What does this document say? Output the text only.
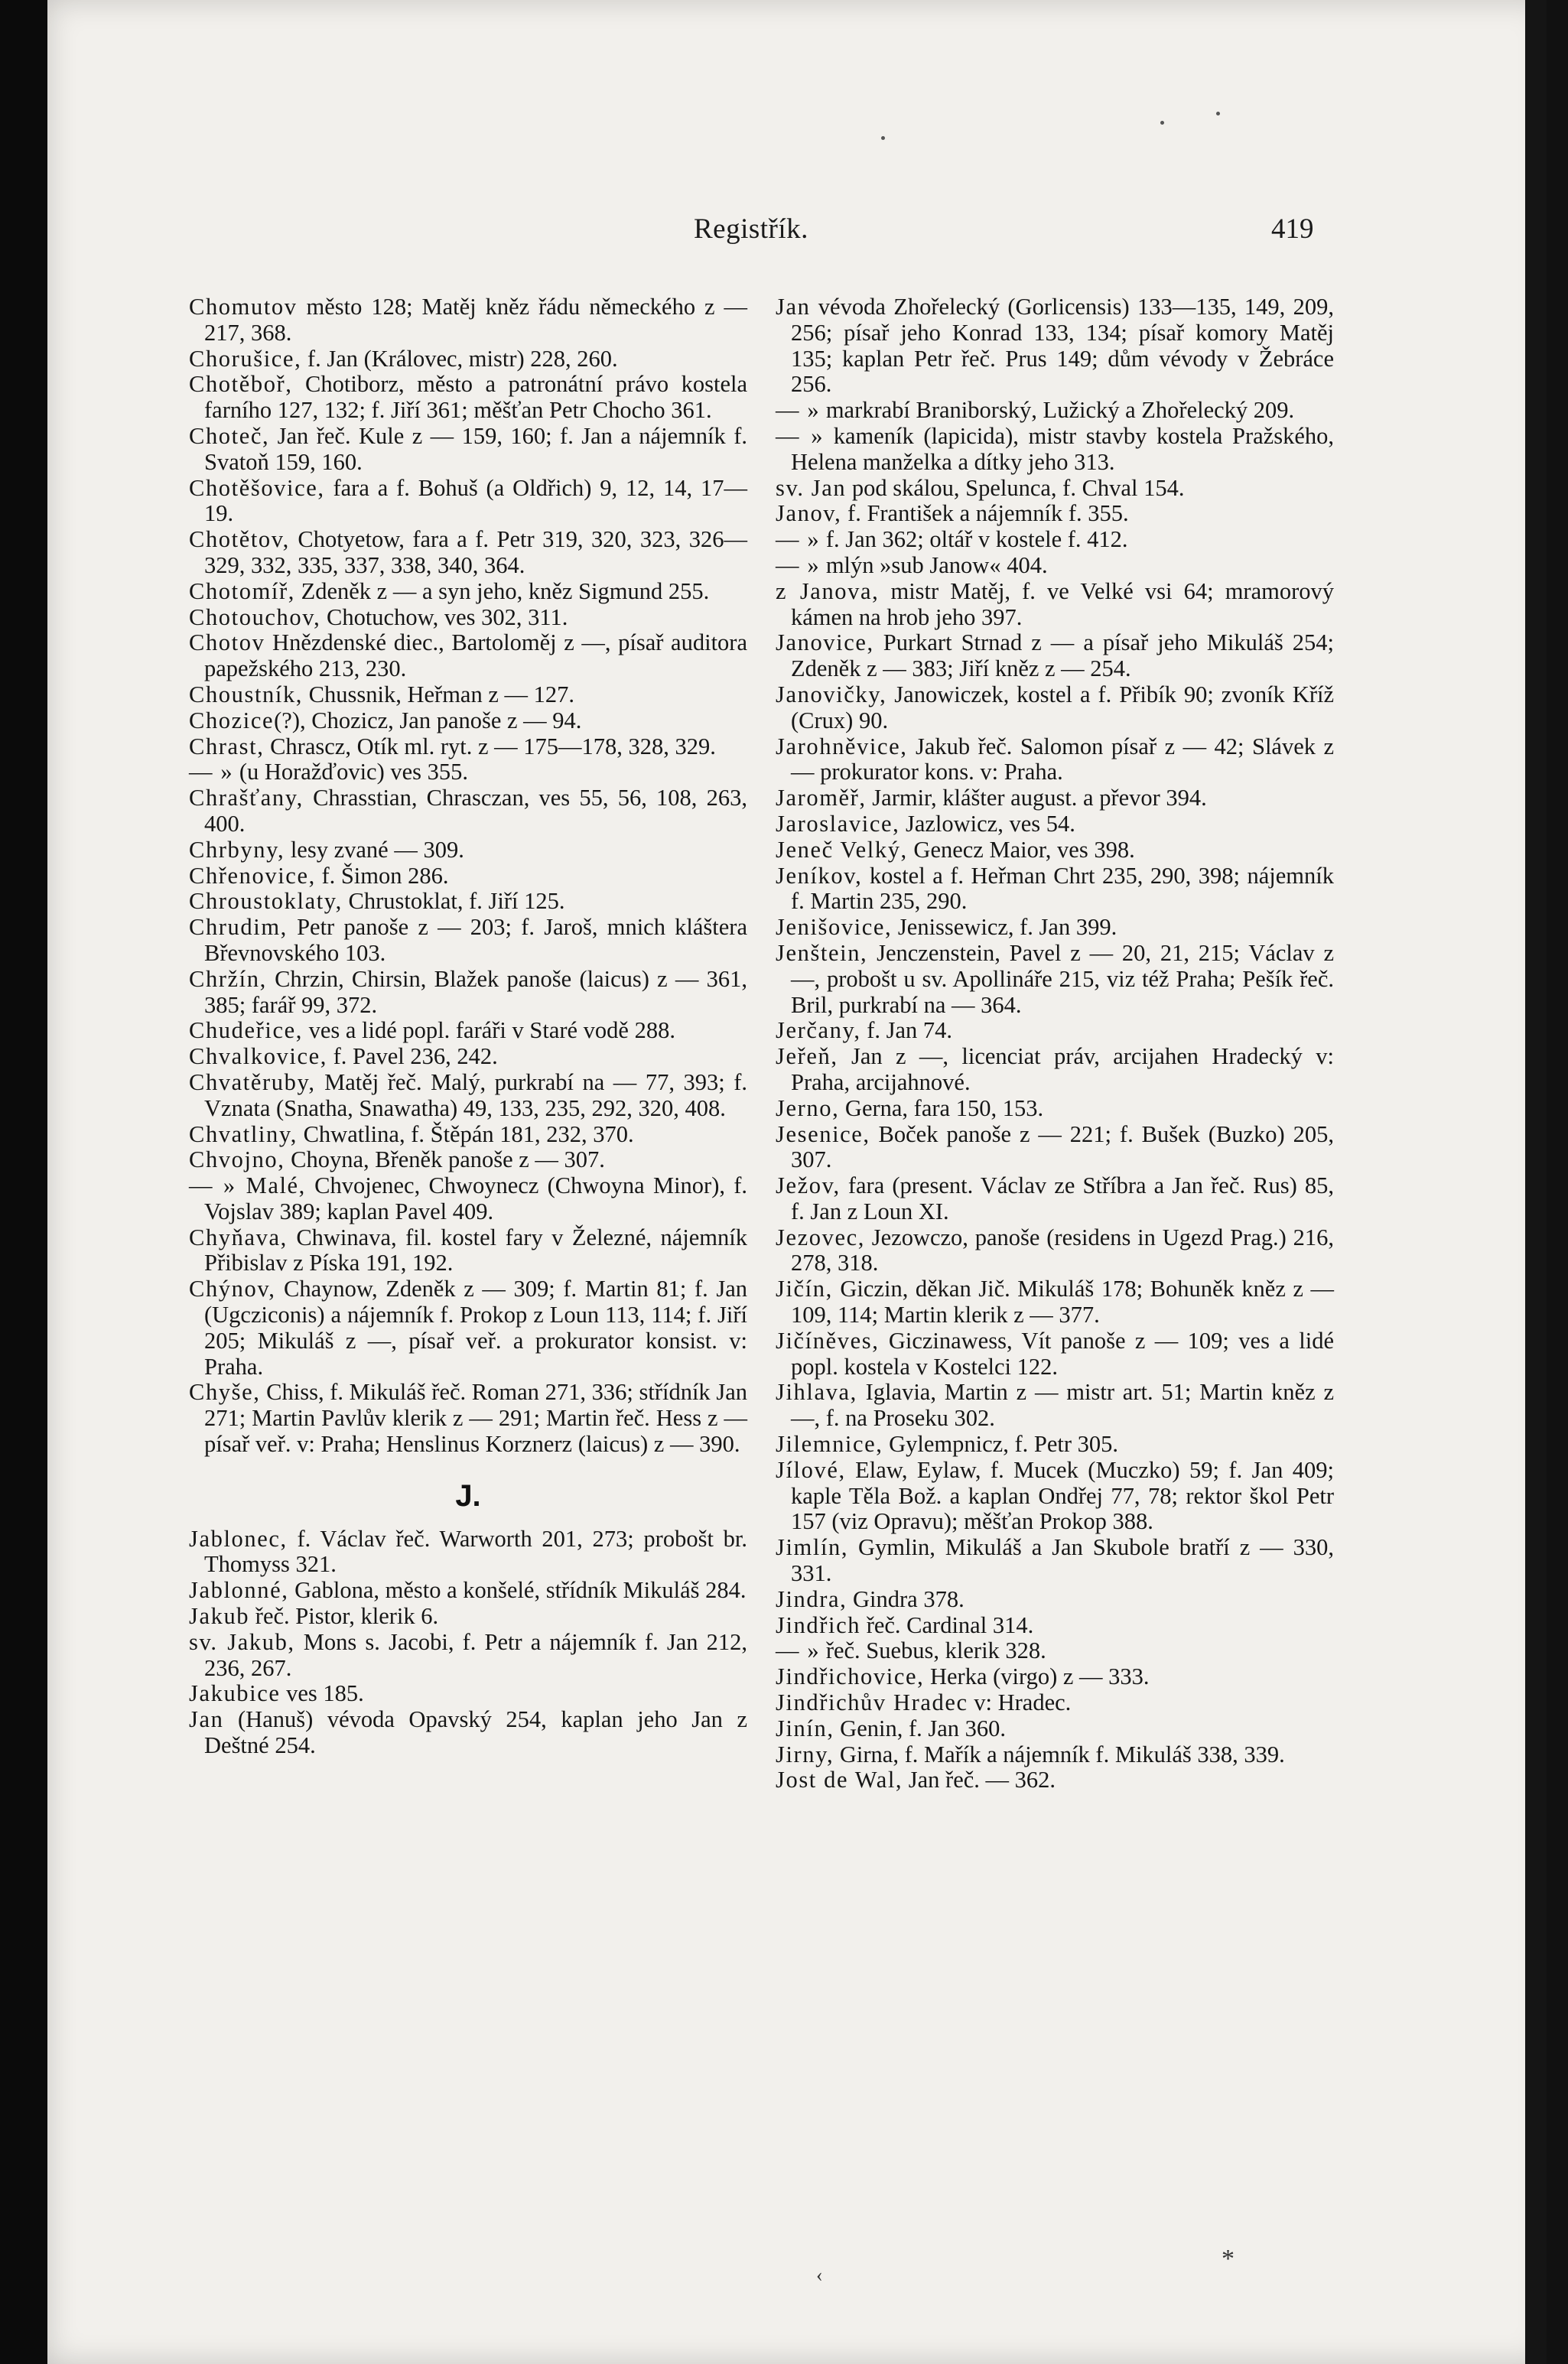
Registřík.	419

Chomutov město 128; Matěj kněz řádu německého z — 217, 368.

Chorušice, f. Jan (Královec, mistr) 228, 260.

Chotěboř, Chotiborz, město a patronátní právo kostela farního 127, 132; f. Jiří 361; měšťan Petr Chocho 361.

Choteč, Jan řeč. Kule z — 159, 160; f. Jan a nájemník f. Svatoň 159, 160.

Chotěšovice, fara a f. Bohuš (a Oldřich) 9, 12, 14, 17—19.

Chotětov, Chotyetow, fara a f. Petr 319, 320, 323, 326—329, 332, 335, 337, 338, 340, 364.

Chotomíř, Zdeněk z — a syn jeho, kněz Sigmund 255.

Chotouchov, Chotuchow, ves 302, 311.

Chotov Hnězdenské diec., Bartoloměj z —, písař auditora papežského 213, 230.

Choustník, Chussnik, Heřman z — 127.

Chozice(?), Chozicz, Jan panoše z — 94.

Chrast, Chrascz, Otík ml. ryt. z — 175—178, 328, 329.

— » (u Horažďovic) ves 355.

Chrašťany, Chrasstian, Chrasczan, ves 55, 56, 108, 263, 400.

Chrbyny, lesy zvané — 309.

Chřenovice, f. Šimon 286.

Chroustoklaty, Chrustoklat, f. Jiří 125.

Chrudim, Petr panoše z — 203; f. Jaroš, mnich kláštera Břevnovského 103.

Chržín, Chrzin, Chirsin, Blažek panoše (laicus) z — 361, 385; farář 99, 372.

Chudeřice, ves a lidé popl. faráři v Staré vodě 288.

Chvalkovice, f. Pavel 236, 242.

Chvatěruby, Matěj řeč. Malý, purkrabí na — 77, 393; f. Vznata (Snatha, Snawatha) 49, 133, 235, 292, 320, 408.

Chvatliny, Chwatlina, f. Štěpán 181, 232, 370.

Chvojno, Choyna, Břeněk panoše z — 307.

— » Malé, Chvojenec, Chwoynecz (Chwoyna Minor), f. Vojslav 389; kaplan Pavel 409.

Chyňava, Chwinava, fil. kostel fary v Železné, nájemník Přibislav z Píska 191, 192.

Chýnov, Chaynow, Zdeněk z — 309; f. Martin 81; f. Jan (Ugcziconis) a nájemník f. Prokop z Loun 113, 114; f. Jiří 205; Mikuláš z —, písař veř. a prokurator konsist. v: Praha.

Chyše, Chiss, f. Mikuláš řeč. Roman 271, 336; střídník Jan 271; Martin Pavlův klerik z — 291; Martin řeč. Hess z — písař veř. v: Praha; Henslinus Korznerz (laicus) z — 390.

J.

Jablonec, f. Václav řeč. Warworth 201, 273; probošt br. Thomyss 321.

Jablonné, Gablona, město a konšelé, střídník Mikuláš 284.

Jakub řeč. Pistor, klerik 6.

sv. Jakub, Mons s. Jacobi, f. Petr a nájemník f. Jan 212, 236, 267.

Jakubice ves 185.

Jan (Hanuš) vévoda Opavský 254, kaplan jeho Jan z Deštné 254.

Jan vévoda Zhořelecký (Gorlicensis) 133—135, 149, 209, 256; písař jeho Konrad 133, 134; písař komory Matěj 135; kaplan Petr řeč. Prus 149; dům vévody v Žebráce 256.

— » markrabí Braniborský, Lužický a Zhořelecký 209.

— » kameník (lapicida), mistr stavby kostela Pražského, Helena manželka a dítky jeho 313.

sv. Jan pod skálou, Spelunca, f. Chval 154.

Janov, f. František a nájemník f. 355.

— » f. Jan 362; oltář v kostele f. 412.

— » mlýn »sub Janow« 404.

z Janova, mistr Matěj, f. ve Velké vsi 64; mramorový kámen na hrob jeho 397.

Janovice, Purkart Strnad z — a písař jeho Mikuláš 254; Zdeněk z — 383; Jiří kněz z — 254.

Janovičky, Janowiczek, kostel a f. Přibík 90; zvoník Kříž (Crux) 90.

Jarohněvice, Jakub řeč. Salomon písař z — 42; Slávek z — prokurator kons. v: Praha.

Jaroměř, Jarmir, klášter august. a převor 394.

Jaroslavice, Jazlowicz, ves 54.

Jeneč Velký, Genecz Maior, ves 398.

Jeníkov, kostel a f. Heřman Chrt 235, 290, 398; nájemník f. Martin 235, 290.

Jenišovice, Jenissewicz, f. Jan 399.

Jenštein, Jenczenstein, Pavel z — 20, 21, 215; Václav z —, probošt u sv. Apollináře 215, viz též Praha; Pešík řeč. Bril, purkrabí na — 364.

Jerčany, f. Jan 74.

Jeřeň, Jan z —, licenciat práv, arcijahen Hradecký v: Praha, arcijahnové.

Jerno, Gerna, fara 150, 153.

Jesenice, Boček panoše z — 221; f. Bušek (Buzko) 205, 307.

Ježov, fara (present. Václav ze Stříbra a Jan řeč. Rus) 85, f. Jan z Loun XI.

Jezovec, Jezowczo, panoše (residens in Ugezd Prag.) 216, 278, 318.

Jičín, Giczin, děkan Jič. Mikuláš 178; Bohuněk kněz z — 109, 114; Martin klerik z — 377.

Jičíněves, Giczinawess, Vít panoše z — 109; ves a lidé popl. kostela v Kostelci 122.

Jihlava, Iglavia, Martin z — mistr art. 51; Martin kněz z —, f. na Proseku 302.

Jilemnice, Gylempnicz, f. Petr 305.

Jílové, Elaw, Eylaw, f. Mucek (Muczko) 59; f. Jan 409; kaple Těla Bož. a kaplan Ondřej 77, 78; rektor škol Petr 157 (viz Opravu); měšťan Prokop 388.

Jimlín, Gymlin, Mikuláš a Jan Skubole bratří z — 330, 331.

Jindra, Gindra 378.

Jindřich řeč. Cardinal 314.

— » řeč. Suebus, klerik 328.

Jindřichovice, Herka (virgo) z — 333.

Jindřichův Hradec v: Hradec.

Jinín, Genin, f. Jan 360.

Jirny, Girna, f. Mařík a nájemník f. Mikuláš 338, 339.

Jost de Wal, Jan řeč. — 362.

*
‹
